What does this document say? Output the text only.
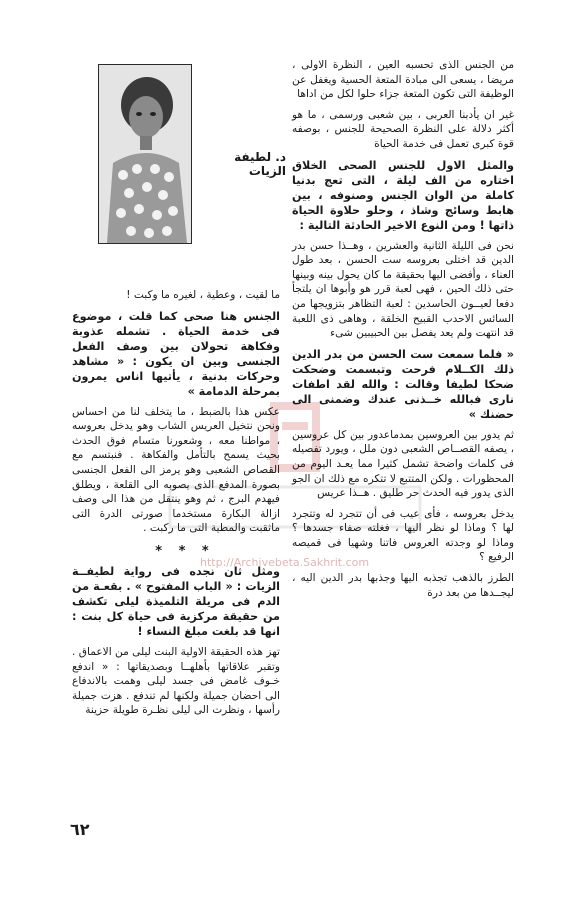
http://Archivebeta.Sakhrit.com
د. لطيفة الزيات

من الجنس الذى تحسبه العين ، النظرة الاولى ، مريضا ، يسعى الى مبادة المتعة الحسية ويغفل عن الوظيفة التى تكون المتعة جزاء حلوا لكل من اداها

غير ان يأدبنا العربى ، بين شعبى ورسمى ، ما هو أكثر دلالة على النظرة الصحيحة للجنس ، بوصفه قوة كبرى تعمل فى خدمة الحياة

والمثل الاول للجنس الصحى الخلاق اختاره من الف ليلة ، التى تعج بدنيا كاملة من الوان الجنس وصنوفه ، بين هابط وسائج وشاذ ، وحلو حلاوة الحياة ذاتها ! ومن النوع الاخير الحادثة التالية :

نحن فى الليلة الثانية والعشرين ، وهــذا حسن بدر الدين قد اختلى بعروسه ست الحسن ، بعد طول العناء ، وأفضى اليها بحقيقة ما كان يحول بينه وبينها حتى ذلك الحين ، فهى لعبة قرر هو وأبوها ان يلتجأ دفعا لعيــون الحاسدين : لعبة التظاهر بتزويجها من السائس الاحدب القبيح الخلقة ، وهاهى ذى اللعبة قد انتهت ولم يعد يفصل بين الحبيبين شىء

« فلما سمعت ست الحسن من بدر الدين ذلك الكــلام فرحت وتبسمت وضحكت ضحكا لطيفا وقالت : والله لقد اطفات نارى فبالله خــذنى عندك وضمنى الى حضنك »

ثم يدور بين العروسين بمدماعدور بين كل عروسين ، يصفه القصــاص الشعبى دون ملل ، ويورد تفصيله فى كلمات واضحة تشمل كثيرا مما يعـد اليوم من المحظورات . ولكن المتتبع لا تتكره مع ذلك ان الجو الذى يدور فيه الحدث حر طليق . هــذا عريس

يدخل بعروسه ، فأى عيب فى أن تتجرد له وتتجرد لها ؟ وماذا لو نظر اليها ، فغلته صفاء جسدها ؟ وماذا لو وجدته العروس فاتنا وشهيا فى قميصه الرفيع ؟

الطرز بالذهب تجذبه اليها وجذبها بدر الدين اليه ، ليجــدها من بعد درة

ما لقيت ، وعطية ، لغيره ما وكبت !

الجنس هنا صحى كما قلت ، موضوع فى خدمة الحياة . تشمله عذوبة وفكاهة تحولان بين وصف الفعل الجنسى وبين ان يكون : « مشاهد وحركات بدنية ، يأتيها اناس يمرون بمرحلة الدمامة »

عكس هذا بالضبط ، ما يتخلف لنا من احساس ونحن نتخيل العريس الشاب وهو يدخل بعروسه ، مواطنا معه ، وشعورنا متسام فوق الحدث بحيث يسمح بالتأمل والفكاهة . فنبتسم مع القصاص الشعبى وهو يرمز الى الفعل الجنسى بصورة المدفع الذى يصوبه الى القلعة ، ويطلق فيهدم البرج ، ثم وهو ينتقل من هذا الى وصف ازالة البكارة مستخدما صورتى الدرة التى ماثقبت والمطية التى ما ركبت .

ومثل ثان نجده فى رواية لطيفــة الزيات : « الباب المفتوح » . بقعـة من الدم فى مريلة التلميذة ليلى تكشف من حقيقة مركزية فى حياة كل بنت : انها قد بلغت مبلغ النساء !

تهز هذه الحقيقة الاولية البنت ليلى من الاعماق . وتقبر علاقاتها بأهلهــا وبصديقاتها : « اندفع خـوف غامض فى جسد ليلى وهمت بالاندفاع الى احضان جميلة ولكنها لم تندفع . هزت جميلة رأسها ، ونظرت الى ليلى نظـرة طويلة حزينة

* * *
٦٢
